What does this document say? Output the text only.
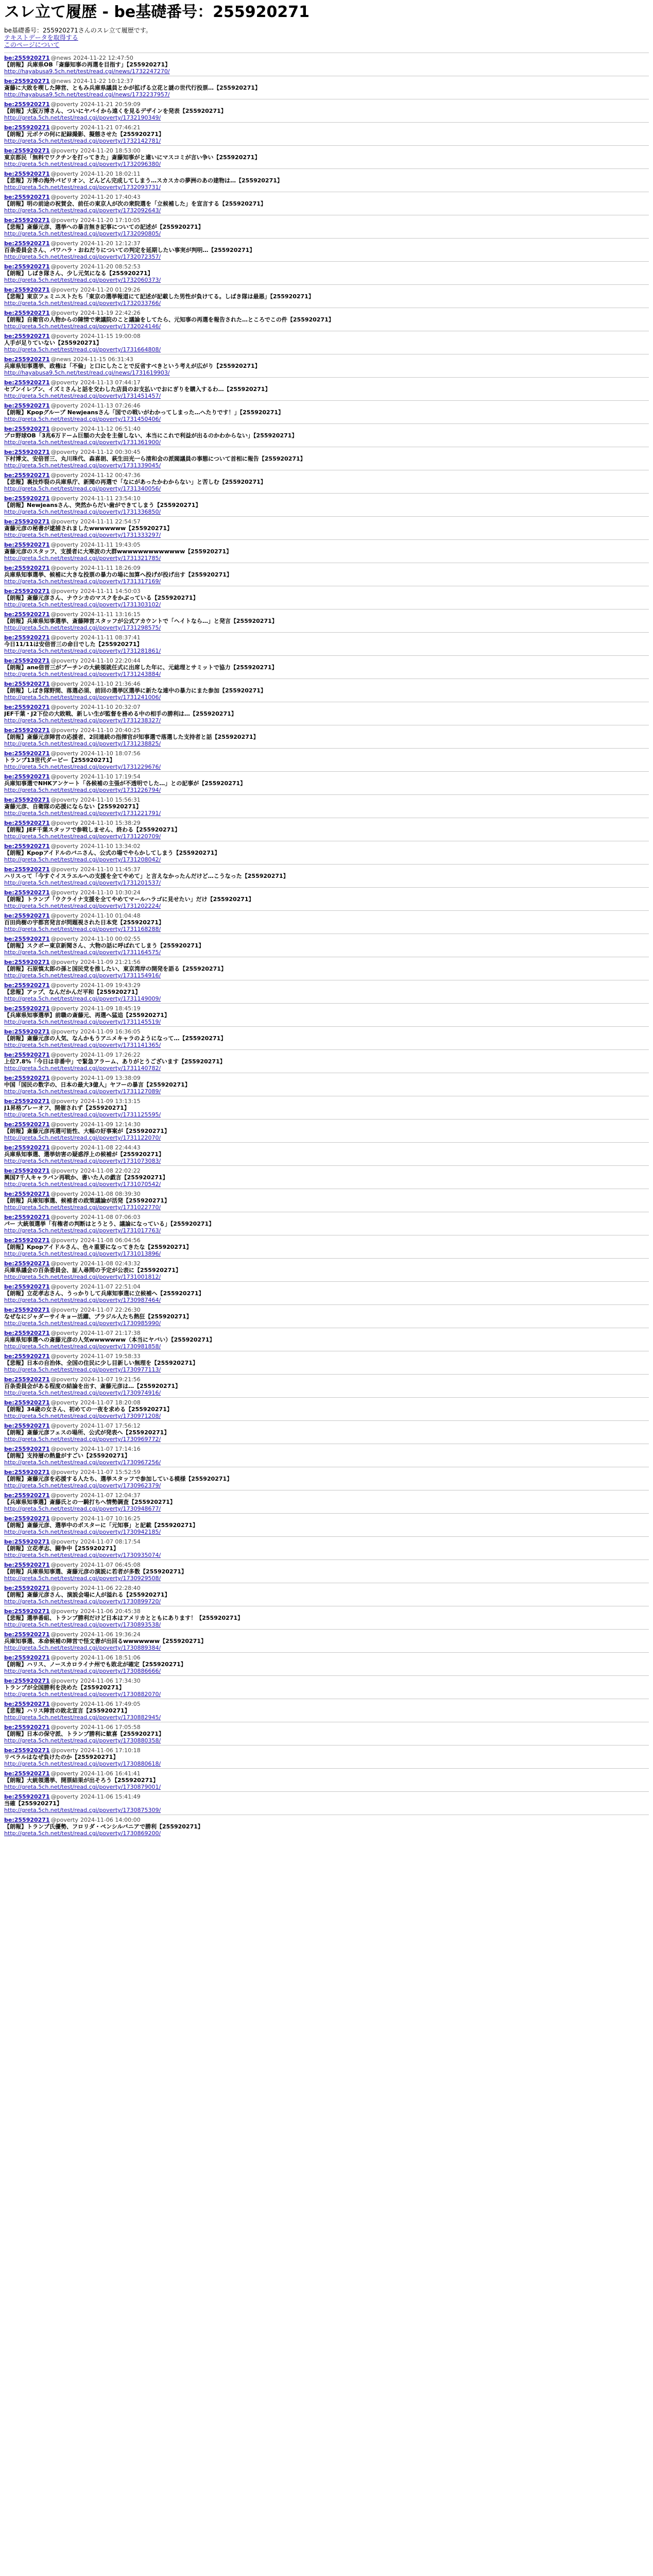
スレ立て履歴 - be基礎番号：255920271

be基礎番号：255920271さんのスレ立て履歴です。

テキストデータを取得する
このページについて
be:255920271 @news 2024-11-22 12:47:50
【朗報】兵庫県OB「斎藤知事の再選を目指す」【255920271】
http://hayabusa9.5ch.net/test/read.cgi/news/1732247270/
be:255920271 @news 2024-11-22 10:12:37
斎藤に大敗を喫した陣営、ともみ兵庫県議員とかが拡げる立花と謎の世代行投票…【255920271】
http://hayabusa9.5ch.net/test/read.cgi/news/1732237957/
be:255920271 @poverty 2024-11-21 20:59:09
【朗報】大阪万博さん、ついにヤバイから遠くを見るデザインを発表【255920271】
http://greta.5ch.net/test/read.cgi/poverty/1732190349/
be:255920271 @poverty 2024-11-21 07:46:21
【朗報】元ボケの何に記録撮影、擬態させた【255920271】
http://greta.5ch.net/test/read.cgi/poverty/1732142781/
be:255920271 @poverty 2024-11-20 18:53:00
東京都民「無料でワクチンを打ってきた」斎藤知事がと違いにマスコミが言い争い【255920271】
http://greta.5ch.net/test/read.cgi/poverty/1732096380/
be:255920271 @poverty 2024-11-20 18:02:11
【悲報】万博の海外パビリオン、どんどん完成してしまう…スカスカの夢洲のあの建物は…【255920271】
http://greta.5ch.net/test/read.cgi/poverty/1732093731/
be:255920271 @poverty 2024-11-20 17:40:43
【朗報】明の前途の祝賀会、前任の東京人が次の衆院選を「立候補した」を宣言する【255920271】
http://greta.5ch.net/test/read.cgi/poverty/1732092643/
be:255920271 @poverty 2024-11-20 17:10:05
【悲報】斎藤元彦、選挙への暴言無き記事についての記述が【255920271】
http://greta.5ch.net/test/read.cgi/poverty/1732090805/
be:255920271 @poverty 2024-11-20 12:12:37
百条委員会さん、パワハラ・おねだりについての判定を延期したい事実が判明…【255920271】
http://greta.5ch.net/test/read.cgi/poverty/1732072357/
be:255920271 @poverty 2024-11-20 08:52:53
【朗報】しばき隊さん、少し元気になる【255920271】
http://greta.5ch.net/test/read.cgi/poverty/1732060373/
be:255920271 @poverty 2024-11-20 01:29:26
【悲報】東京フェミニストたち「東京の選挙報道にて記述が記載した男性が負けてる。しばき隊は最悪」【255920271】
http://greta.5ch.net/test/read.cgi/poverty/1732033766/
be:255920271 @poverty 2024-11-19 22:42:26
【朗報】自衛官の人物からの陳情で衆議院のこと議論をしてたら、元知事の再選を報告された…ところでこの件【255920271】
http://greta.5ch.net/test/read.cgi/poverty/1732024146/
be:255920271 @poverty 2024-11-15 19:00:08
人手が足りていない【255920271】
http://greta.5ch.net/test/read.cgi/poverty/1731664808/
be:255920271 @news 2024-11-15 06:31:43
兵庫県知事選挙、政権は「不倫」と口にしたことで反省すべきという考えが広がり【255920271】
http://hayabusa9.5ch.net/test/read.cgi/news/1731619903/
be:255920271 @poverty 2024-11-13 07:44:17
セブンイレブン、イズミさんと話を交わした店員のお支払いでおにぎりを購入するわ…【255920271】
http://greta.5ch.net/test/read.cgi/poverty/1731451457/
be:255920271 @poverty 2024-11-13 07:26:46
【朗報】Kpopグループ Newjeansさん「国での戦いがわかってしまった…へたりです！」【255920271】
http://greta.5ch.net/test/read.cgi/poverty/1731450406/
be:255920271 @poverty 2024-11-12 06:51:40
プロ野球OB「3兆6万ドーム巨額の大会を主催しない、本当にこれで利益が出るのかわからない」【255920271】
http://greta.5ch.net/test/read.cgi/poverty/1731361900/
be:255920271 @poverty 2024-11-12 00:30:45
下村博文、安倍晋三、丸川珠代、森喜朗、萩生田光一ら清和会の派閥議員の事態について首相に報告【255920271】
http://greta.5ch.net/test/read.cgi/poverty/1731339045/
be:255920271 @poverty 2024-11-12 00:47:36
【悲報】裏技炸裂の兵庫県庁、新聞の再選で「なにがあったかわからない」と苦しむ【255920271】
http://greta.5ch.net/test/read.cgi/poverty/1731340056/
be:255920271 @poverty 2024-11-11 23:54:10
【朗報】Newjeansさん、突然からだい歯ができてしまう【255920271】
http://greta.5ch.net/test/read.cgi/poverty/1731336850/
be:255920271 @poverty 2024-11-11 22:54:57
斎藤元彦の秘書が逮捕されましたwwwwwww【255920271】
http://greta.5ch.net/test/read.cgi/poverty/1731333297/
be:255920271 @poverty 2024-11-11 19:43:05
斎藤元彦のスタッフ、支援者に大寒波の大群wwwwwwwwwwwww【255920271】
http://greta.5ch.net/test/read.cgi/poverty/1731321785/
be:255920271 @poverty 2024-11-11 18:26:09
兵庫県知事選挙、候補に大きな投票の暴力の場に加算へ投げが投げ出す【255920271】
http://greta.5ch.net/test/read.cgi/poverty/1731317169/
be:255920271 @poverty 2024-11-11 14:50:03
【朗報】斎藤元彦さん、ナウシカのマスクをかぶっている【255920271】
http://greta.5ch.net/test/read.cgi/poverty/1731303102/
be:255920271 @poverty 2024-11-11 13:16:15
【朗報】兵庫県知事選挙、斎藤陣営スタッフが公式アカウントで「ヘイトなら…」と発言【255920271】
http://greta.5ch.net/test/read.cgi/poverty/1731298575/
be:255920271 @poverty 2024-11-11 08:37:41
今日11/11は安倍晋三の命日でした【255920271】
http://greta.5ch.net/test/read.cgi/poverty/1731281861/
be:255920271 @poverty 2024-11-10 22:20:44
【朗報】ane倍晋三がプーチンの大統領就任式に出席した年に、元総理とサミットで協力【255920271】
http://greta.5ch.net/test/read.cgi/poverty/1731243884/
be:255920271 @poverty 2024-11-10 21:36:46
【朗報】しばき隊野間、落選必須、前回の選挙区選挙に新たな連中の暴力にまた参加【255920271】
http://greta.5ch.net/test/read.cgi/poverty/1731241006/
be:255920271 @poverty 2024-11-10 20:32:07
JEF千葉・J2下位の大敗戦、新しい生が監督を務める中の相手の勝利は…【255920271】
http://greta.5ch.net/test/read.cgi/poverty/1731238327/
be:255920271 @poverty 2024-11-10 20:40:25
【朗報】斎藤元彦陣営の応援者、2回連続の指揮官が知事選で落選した支持者と話【255920271】
http://greta.5ch.net/test/read.cgi/poverty/1731238825/
be:255920271 @poverty 2024-11-10 18:07:56
トランプ13世代ダービー【255920271】
http://greta.5ch.net/test/read.cgi/poverty/1731229676/
be:255920271 @poverty 2024-11-10 17:19:54
兵庫知事選でNHKアンケート「各候補の主張が不透明でした…」との記事が【255920271】
http://greta.5ch.net/test/read.cgi/poverty/1731226794/
be:255920271 @poverty 2024-11-10 15:56:31
斎藤元彦、自衛隊の応援にならない【255920271】
http://greta.5ch.net/test/read.cgi/poverty/1731221791/
be:255920271 @poverty 2024-11-10 15:38:29
【朗報】JEF千葉スタッフで参戦しません、終わる【255920271】
http://greta.5ch.net/test/read.cgi/poverty/1731220709/
be:255920271 @poverty 2024-11-10 13:34:02
【朗報】Kpopアイドルのバニさん、公式の場でやらかしてしまう【255920271】
http://greta.5ch.net/test/read.cgi/poverty/1731208042/
be:255920271 @poverty 2024-11-10 11:45:37
ハリスって「今すぐイスラエルへの支援を全てやめて」と言えなかったんだけど…こうなった【255920271】
http://greta.5ch.net/test/read.cgi/poverty/1731201537/
be:255920271 @poverty 2024-11-10 10:30:24
【朗報】トランプ「ウクライナ支援を全てやめてマールハラゴに見せたい」だけ【255920271】
http://greta.5ch.net/test/read.cgi/poverty/1731202224/
be:255920271 @poverty 2024-11-10 01:04:48
百田尚樹の宇都宮発言が問題視された日本党【255920271】
http://greta.5ch.net/test/read.cgi/poverty/1731168288/
be:255920271 @poverty 2024-11-10 00:02:55
【朗報】スクポー東京新聞さん、大物の話に呼ばれてしまう【255920271】
http://greta.5ch.net/test/read.cgi/poverty/1731164575/
be:255920271 @poverty 2024-11-09 21:21:56
【朗報】石原慎太郎の孫と国民党を推したい、東京湾岸の開発を語る【255920271】
http://greta.5ch.net/test/read.cgi/poverty/1731154916/
be:255920271 @poverty 2024-11-09 19:43:29
【悲報】アップ、なんだかんだ平和【255920271】
http://greta.5ch.net/test/read.cgi/poverty/1731149009/
be:255920271 @poverty 2024-11-09 18:45:19
【兵庫県知事選挙】前職の斎藤元、再選へ猛追【255920271】
http://greta.5ch.net/test/read.cgi/poverty/1731145519/
be:255920271 @poverty 2024-11-09 16:36:05
【朗報】斎藤元彦の人気、なんかもうアニメキャラのようになって…【255920271】
http://greta.5ch.net/test/read.cgi/poverty/1731141365/
be:255920271 @poverty 2024-11-09 17:26:22
上位7.8%「今日は非番中」で緊急アラーム、ありがとうございます【255920271】
http://greta.5ch.net/test/read.cgi/poverty/1731140782/
be:255920271 @poverty 2024-11-09 13:38:09
中国「国民の数字の、日本の最大3億人」ヤフーの暴言【255920271】
http://greta.5ch.net/test/read.cgi/poverty/1731127089/
be:255920271 @poverty 2024-11-09 13:13:15
J1昇格プレーオフ、開催されず【255920271】
http://greta.5ch.net/test/read.cgi/poverty/1731125595/
be:255920271 @poverty 2024-11-09 12:14:30
【朗報】斎藤元彦再選可能性、大幅の好事案が【255920271】
http://greta.5ch.net/test/read.cgi/poverty/1731122070/
be:255920271 @poverty 2024-11-08 22:44:43
兵庫県知事選、選挙妨害の疑惑浮上の候補が【255920271】
http://greta.5ch.net/test/read.cgi/poverty/1731073083/
be:255920271 @poverty 2024-11-08 22:02:22
興国7千人キャラバン再戦か、書いた人の戯言【255920271】
http://greta.5ch.net/test/read.cgi/poverty/1731070542/
be:255920271 @poverty 2024-11-08 08:39:30
【朗報】兵庫知事選、候補者の政策議論が活発【255920271】
http://greta.5ch.net/test/read.cgi/poverty/1731022770/
be:255920271 @poverty 2024-11-08 07:06:03
パー 大統領選挙「有権者の判断はとうとう、議論になっている」【255920271】
http://greta.5ch.net/test/read.cgi/poverty/1731017763/
be:255920271 @poverty 2024-11-08 06:04:56
【朗報】Kpopアイドルさん、色々重要になってきたな【255920271】
http://greta.5ch.net/test/read.cgi/poverty/1731013896/
be:255920271 @poverty 2024-11-08 02:43:32
兵庫県議会の百条委員会、証人尋問の予定が公表に【255920271】
http://greta.5ch.net/test/read.cgi/poverty/1731001812/
be:255920271 @poverty 2024-11-07 22:51:04
【朗報】立花孝志さん、うっかりして兵庫知事選に立候補へ【255920271】
http://greta.5ch.net/test/read.cgi/poverty/1730987464/
be:255920271 @poverty 2024-11-07 22:26:30
なぜなにジャダーサイキョー活躍、ブラジル人たち熱狂【255920271】
http://greta.5ch.net/test/read.cgi/poverty/1730985990/
be:255920271 @poverty 2024-11-07 21:17:38
兵庫県知事選への斎藤元彦の人気wwwwwww（本当にヤバい）【255920271】
http://greta.5ch.net/test/read.cgi/poverty/1730981858/
be:255920271 @poverty 2024-11-07 19:58:33
【悲報】日本の自治体、全国の住民に少し目新しい無理を【255920271】
http://greta.5ch.net/test/read.cgi/poverty/1730977113/
be:255920271 @poverty 2024-11-07 19:21:56
百条委員会がある程度の結論を出す、斎藤元彦は…【255920271】
http://greta.5ch.net/test/read.cgi/poverty/1730974916/
be:255920271 @poverty 2024-11-07 18:20:08
【朗報】34歳の女さん、初めての一夜を求める【255920271】
http://greta.5ch.net/test/read.cgi/poverty/1730971208/
be:255920271 @poverty 2024-11-07 17:56:12
【朗報】斎藤元彦フェスの場所、公式が発表へ【255920271】
http://greta.5ch.net/test/read.cgi/poverty/1730969772/
be:255920271 @poverty 2024-11-07 17:14:16
【朗報】支持層の熱量がすごい【255920271】
http://greta.5ch.net/test/read.cgi/poverty/1730967256/
be:255920271 @poverty 2024-11-07 15:52:59
【朗報】斎藤元彦を応援する人たち、選挙スタッフで参加している模様【255920271】
http://greta.5ch.net/test/read.cgi/poverty/1730962379/
be:255920271 @poverty 2024-11-07 12:04:37
【兵庫県知事選】斎藤氏との一騎打ちへ情勢調査【255920271】
http://greta.5ch.net/test/read.cgi/poverty/1730948677/
be:255920271 @poverty 2024-11-07 10:16:25
【朗報】斎藤元彦、選挙中のポスターに「元知事」と記載【255920271】
http://greta.5ch.net/test/read.cgi/poverty/1730942185/
be:255920271 @poverty 2024-11-07 08:17:54
【朗報】立花孝志、闘争中【255920271】
http://greta.5ch.net/test/read.cgi/poverty/1730935074/
be:255920271 @poverty 2024-11-07 06:45:08
【朗報】兵庫県知事選、斎藤元彦の演説に若者が多数【255920271】
http://greta.5ch.net/test/read.cgi/poverty/1730929508/
be:255920271 @poverty 2024-11-06 22:28:40
【朗報】斎藤元彦さん、演説会場に人が溢れる【255920271】
http://greta.5ch.net/test/read.cgi/poverty/1730899720/
be:255920271 @poverty 2024-11-06 20:45:38
【悲報】選挙番組、トランプ勝利だけど日本はアメリカとともにあります！【255920271】
http://greta.5ch.net/test/read.cgi/poverty/1730893538/
be:255920271 @poverty 2024-11-06 19:36:24
兵庫知事選、本命候補の陣営で怪文書が出回るwwwwwww【255920271】
http://greta.5ch.net/test/read.cgi/poverty/1730889384/
be:255920271 @poverty 2024-11-06 18:51:06
【朗報】ハリス、ノースカロライナ州でも敗北が確定【255920271】
http://greta.5ch.net/test/read.cgi/poverty/1730886666/
be:255920271 @poverty 2024-11-06 17:34:30
トランプが全国勝利を決めた【255920271】
http://greta.5ch.net/test/read.cgi/poverty/1730882070/
be:255920271 @poverty 2024-11-06 17:49:05
【悲報】ハリス陣営の敗北宣言【255920271】
http://greta.5ch.net/test/read.cgi/poverty/1730882945/
be:255920271 @poverty 2024-11-06 17:05:58
【朗報】日本の保守派、トランプ勝利に歓喜【255920271】
http://greta.5ch.net/test/read.cgi/poverty/1730880358/
be:255920271 @poverty 2024-11-06 17:10:18
リベラルはなぜ負けたのか【255920271】
http://greta.5ch.net/test/read.cgi/poverty/1730880618/
be:255920271 @poverty 2024-11-06 16:41:41
【朗報】大統領選挙、開票結果が出そろう【255920271】
http://greta.5ch.net/test/read.cgi/poverty/1730879001/
be:255920271 @poverty 2024-11-06 15:41:49
当確【255920271】
http://greta.5ch.net/test/read.cgi/poverty/1730875309/
be:255920271 @poverty 2024-11-06 14:00:00
【朗報】トランプ氏優勢、フロリダ・ペンシルバニアで勝利【255920271】
http://greta.5ch.net/test/read.cgi/poverty/1730869200/
